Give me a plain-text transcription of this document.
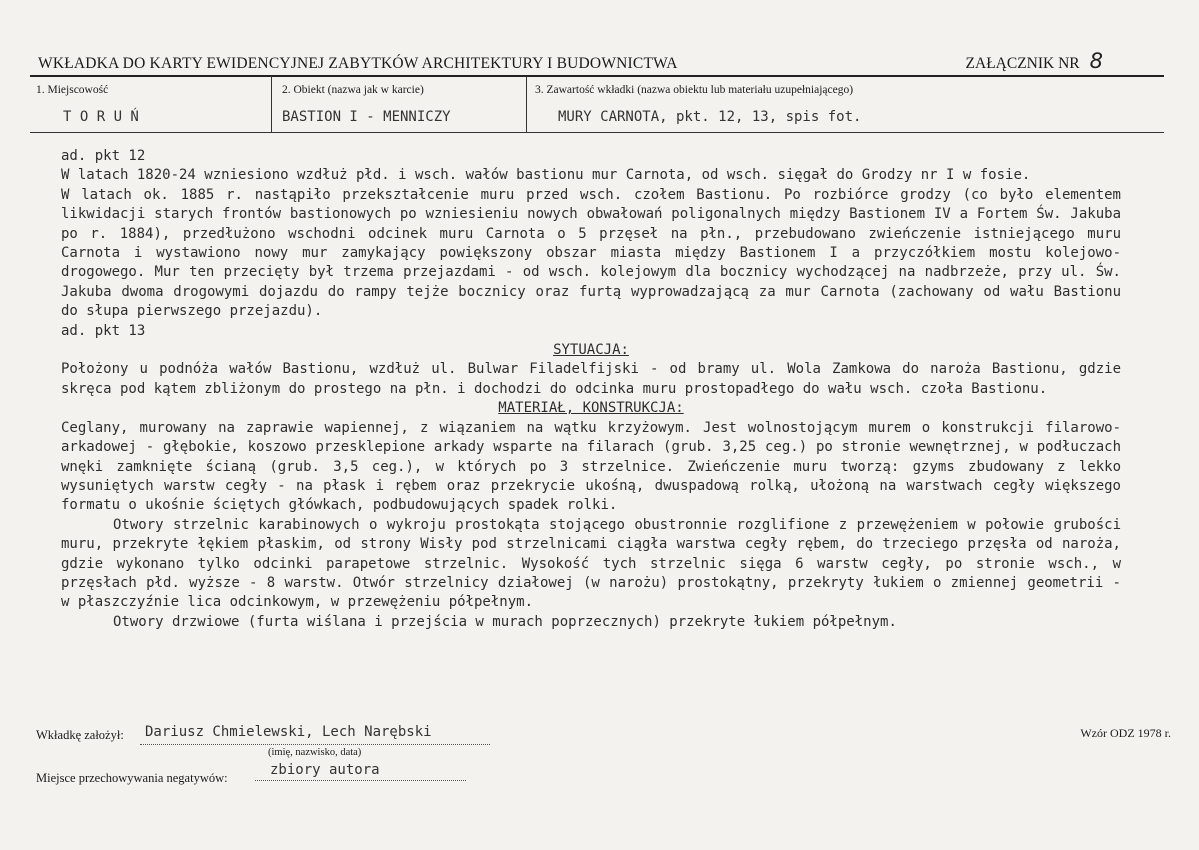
WKŁADKA DO KARTY EWIDENCYJNEJ ZABYTKÓW ARCHITEKTURY I BUDOWNICTWA	ZAŁĄCZNIK NR 8
1. Miejscowość
T O R U Ń
2. Obiekt (nazwa jak w karcie)
BASTION I - MENNICZY
3. Zawartość wkładki (nazwa obiektu lub materiału uzupełniającego)
MURY CARNOTA, pkt. 12, 13, spis fot.

ad. pkt 12

W latach 1820-24 wzniesiono wzdłuż płd. i wsch. wałów bastionu mur Carnota, od wsch. sięgał do Grodzy nr I w fosie.

W latach ok. 1885 r. nastąpiło przekształcenie muru przed wsch. czołem Bastionu. Po rozbiórce grodzy (co było elementem likwidacji starych frontów bastionowych po wzniesieniu nowych obwałowań poligonalnych między Bastionem IV a Fortem Św. Jakuba po r. 1884), przedłużono wschodni odcinek muru Carnota o 5 przęseł na płn., przebudowano zwieńczenie istniejącego muru Carnota i wystawiono nowy mur zamykający powiększony obszar miasta między Bastionem I a przyczółkiem mostu kolejowo-drogowego. Mur ten przecięty był trzema przejazdami - od wsch. kolejowym dla bocznicy wychodzącej na nadbrzeże, przy ul. Św. Jakuba dwoma drogowymi dojazdu do rampy tejże bocznicy oraz furtą wyprowadzającą za mur Carnota (zachowany od wału Bastionu do słupa pierwszego przejazdu).

ad. pkt 13

SYTUACJA:

Położony u podnóża wałów Bastionu, wzdłuż ul. Bulwar Filadelfijski - od bramy ul. Wola Zamkowa do naroża Bastionu, gdzie skręca pod kątem zbliżonym do prostego na płn. i dochodzi do odcinka muru prostopadłego do wału wsch. czoła Bastionu.

MATERIAŁ, KONSTRUKCJA:

Ceglany, murowany na zaprawie wapiennej, z wiązaniem na wątku krzyżowym. Jest wolnostojącym murem o konstrukcji filarowo-arkadowej - głębokie, koszowo przesklepione arkady wsparte na filarach (grub. 3,25 ceg.) po stronie wewnętrznej, w podłuczach wnęki zamknięte ścianą (grub. 3,5 ceg.), w których po 3 strzelnice. Zwieńczenie muru tworzą: gzyms zbudowany z lekko wysuniętych warstw cegły - na płask i rębem oraz przekrycie ukośną, dwuspadową rolką, ułożoną na warstwach cegły większego formatu o ukośnie ściętych główkach, podbudowujących spadek rolki.

Otwory strzelnic karabinowych o wykroju prostokąta stojącego obustronnie rozglifione z przewężeniem w połowie grubości muru, przekryte łękiem płaskim, od strony Wisły pod strzelnicami ciągła warstwa cegły rębem, do trzeciego przęsła od naroża, gdzie wykonano tylko odcinki parapetowe strzelnic. Wysokość tych strzelnic sięga 6 warstw cegły, po stronie wsch., w przęsłach płd. wyższe - 8 warstw. Otwór strzelnicy działowej (w narożu) prostokątny, przekryty łukiem o zmiennej geometrii - w płaszczyźnie lica odcinkowym, w przewężeniu półpełnym.

Otwory drzwiowe (furta wiślana i przejścia w murach poprzecznych) przekryte łukiem półpełnym.

Wkładkę założył: Dariusz Chmielewski, Lech Narębski
(imię, nazwisko, data)
Wzór ODZ 1978 r.
Miejsce przechowywania negatywów:	zbiory autora
